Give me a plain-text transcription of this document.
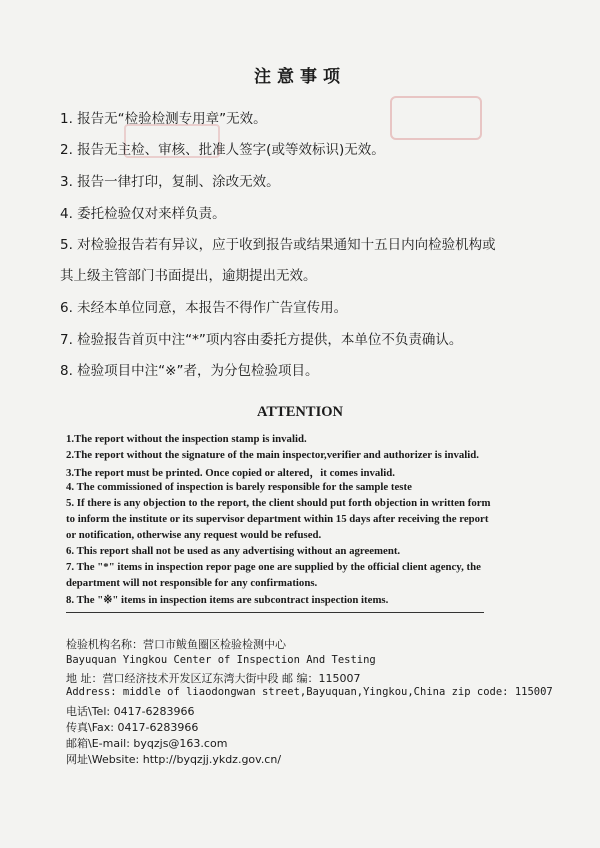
注意事项
1. 报告无“检验检测专用章”无效。
2. 报告无主检、审核、批准人签字(或等效标识)无效。
3. 报告一律打印，复制、涂改无效。
4. 委托检验仅对来样负责。
5. 对检验报告若有异议，应于收到报告或结果通知十五日内向检验机构或
其上级主管部门书面提出，逾期提出无效。
6. 未经本单位同意，本报告不得作广告宣传用。
7. 检验报告首页中注“*”项内容由委托方提供，本单位不负责确认。
8. 检验项目中注“※”者，为分包检验项目。
ATTENTION
1.The report without the inspection stamp is invalid.
2.The report without the signature of the main inspector,verifier and authorizer is invalid.
3.The report must be printed. Once copied or altered，it comes invalid.
4. The commissioned of inspection is barely responsible for the sample teste
5. If there is any objection to the report, the client should put forth objection in written form
to inform the institute or its supervisor department within 15 days after receiving the report
or notification, otherwise any request would be refused.
6. This report shall not be used as any advertising without an agreement.
7. The "*" items in inspection repor page one are supplied by the official client agency, the
department will not responsible for any confirmations.
8. The "※" items in inspection items are subcontract inspection items.
检验机构名称：营口市鲅鱼圈区检验检测中心
Bayuquan Yingkou Center of Inspection And Testing
地 址：营口经济技术开发区辽东湾大街中段 邮 编：115007
Address: middle of liaodongwan street,Bayuquan,Yingkou,China zip code: 115007
电话\Tel: 0417-6283966
传真\Fax: 0417-6283966
邮箱\E-mail: byqzjs@163.com
网址\Website: http://byqzjj.ykdz.gov.cn/
